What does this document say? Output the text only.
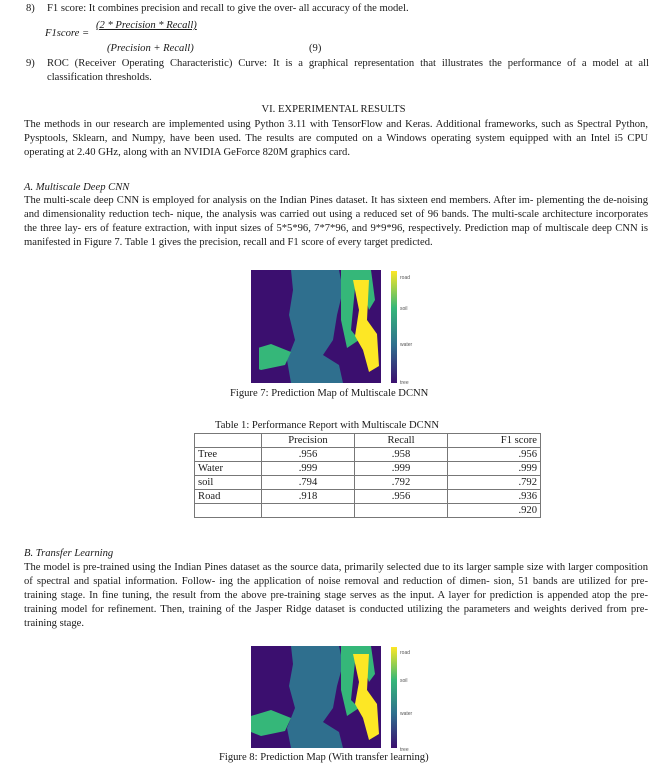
8) F1 score: It combines precision and recall to give the over- all accuracy of the model.
F1score =
(2 * Precision * Recall)
(Precision + Recall)	(9)
9) ROC (Receiver Operating Characteristic) Curve: It is a graphical representation that illustrates the performance of a model at all classification thresholds.
VI. EXPERIMENTAL RESULTS
The methods in our research are implemented using Python 3.11 with TensorFlow and Keras. Additional frameworks, such as Spectral Python, Pysptools, Sklearn, and Numpy, have been used. The results are computed on a Windows operating system equipped with an Intel i5 CPU operating at 2.40 GHz, along with an NVIDIA GeForce 820M graphics card.
A. Multiscale Deep CNN
The multi-scale deep CNN is employed for analysis on the Indian Pines dataset. It has sixteen end members. After im- plementing the de-noising and dimensionality reduction tech- nique, the analysis was carried out using a reduced set of 96 bands. The multi-scale architecture incorporates the three lay- ers of feature extraction, with input sizes of 5*5*96, 7*7*96, and 9*9*96, respectively. Prediction map of multiscale deep CNN is manifested in Figure 7. Table 1 gives the precision, recall and F1 score of every target predicted.
road
soil
water
tree
Figure 7: Prediction Map of Multiscale DCNN
Table 1: Performance Report with Multiscale DCNN
	Precision	Recall	F1 score
Tree	.956	.958	.956
Water	.999	.999	.999
soil	.794	.792	.792
Road	.918	.956	.936
			.920
B. Transfer Learning
The model is pre-trained using the Indian Pines dataset as the source data, primarily selected due to its larger sample size with larger composition of spectral and spatial information. Follow- ing the application of noise removal and reduction of dimen- sion, 51 bands are utilized for pre-training stage. In fine tuning, the result from the above pre-training stage serves as the input. A layer for prediction is appended atop the pre-training model for refinement. Then, training of the Jasper Ridge dataset is conducted utilizing the parameters and weights derived from pre-training stage.
road
soil
water
tree
Figure 8: Prediction Map (With transfer learning)
